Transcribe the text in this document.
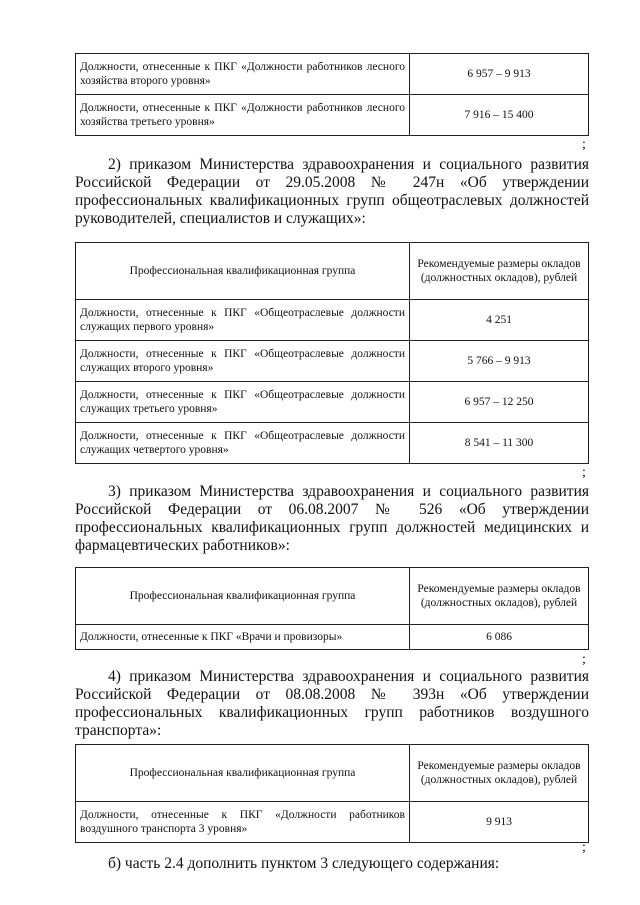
Должности, отнесенные к ПКГ «Должности работников лесного хозяйства второго уровня»	6 957 – 9 913
Должности, отнесенные к ПКГ «Должности работников лесного хозяйства третьего уровня»	7 916 – 15 400
;

2) приказом Министерства здравоохранения и социального развития Российской Федерации от 29.05.2008 № 247н «Об утверждении профессиональных квалификационных групп общеотраслевых должностей руководителей, специалистов и служащих»:

Профессиональная квалификационная группа	Рекомендуемые размеры окладов (должностных окладов), рублей
Должности, отнесенные к ПКГ «Общеотраслевые должности служащих первого уровня»	4 251
Должности, отнесенные к ПКГ «Общеотраслевые должности служащих второго уровня»	5 766 – 9 913
Должности, отнесенные к ПКГ «Общеотраслевые должности служащих третьего уровня»	6 957 – 12 250
Должности, отнесенные к ПКГ «Общеотраслевые должности служащих четвертого уровня»	8 541 – 11 300
;

3) приказом Министерства здравоохранения и социального развития Российской Федерации от 06.08.2007 № 526 «Об утверждении профессиональных квалификационных групп должностей медицинских и фармацевтических работников»:

Профессиональная квалификационная группа	Рекомендуемые размеры окладов (должностных окладов), рублей
Должности, отнесенные к ПКГ «Врачи и провизоры»	6 086
;

4) приказом Министерства здравоохранения и социального развития Российской Федерации от 08.08.2008 № 393н «Об утверждении профессиональных квалификационных групп работников воздушного транспорта»:

Профессиональная квалификационная группа	Рекомендуемые размеры окладов (должностных окладов), рублей
Должности, отнесенные к ПКГ «Должности работников воздушного транспорта 3 уровня»	9 913
;

б) часть 2.4 дополнить пунктом 3 следующего содержания:
